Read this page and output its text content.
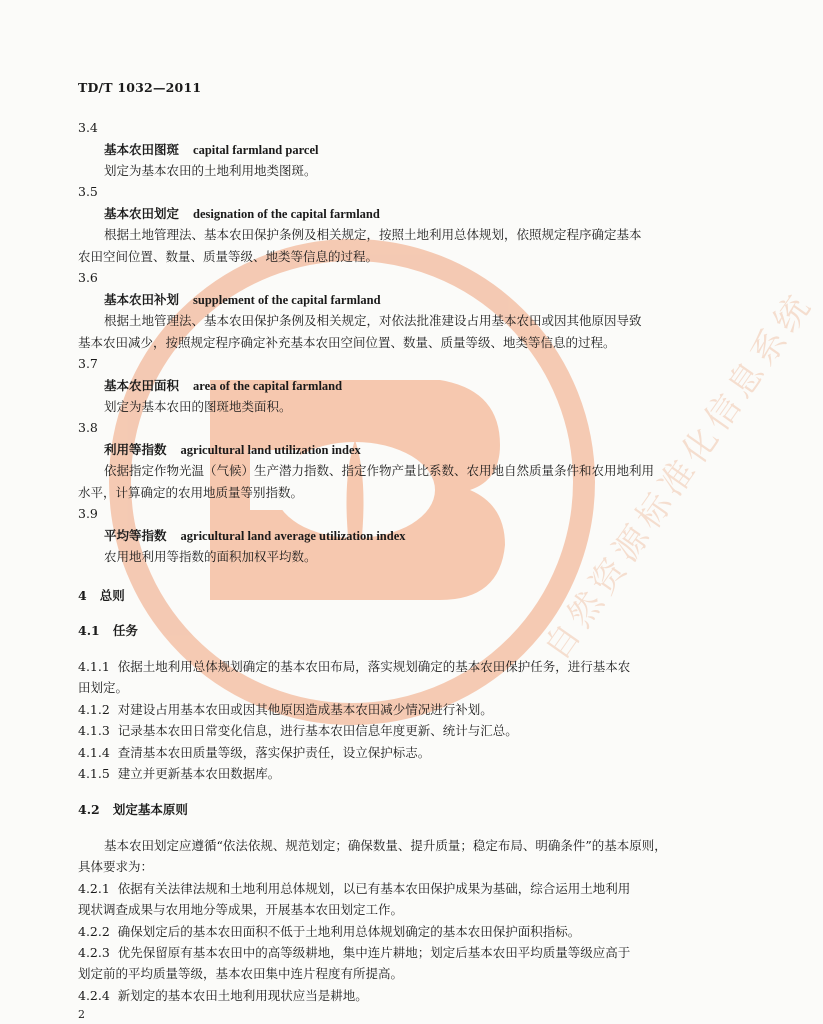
自然资源标准化信息系统
TD/T 1032—2011
3.4
基本农田图斑 capital farmland parcel
划定为基本农田的土地利用地类图斑。
3.5
基本农田划定 designation of the capital farmland
根据土地管理法、基本农田保护条例及相关规定，按照土地利用总体规划，依照规定程序确定基本
农田空间位置、数量、质量等级、地类等信息的过程。
3.6
基本农田补划 supplement of the capital farmland
根据土地管理法、基本农田保护条例及相关规定，对依法批准建设占用基本农田或因其他原因导致
基本农田减少，按照规定程序确定补充基本农田空间位置、数量、质量等级、地类等信息的过程。
3.7
基本农田面积 area of the capital farmland
划定为基本农田的图斑地类面积。
3.8
利用等指数 agricultural land utilization index
依据指定作物光温（气候）生产潜力指数、指定作物产量比系数、农用地自然质量条件和农用地利用
水平，计算确定的农用地质量等别指数。
3.9
平均等指数 agricultural land average utilization index
农用地利用等指数的面积加权平均数。
4 总则
4.1 任务
4.1.1 依据土地利用总体规划确定的基本农田布局，落实规划确定的基本农田保护任务，进行基本农
田划定。
4.1.2 对建设占用基本农田或因其他原因造成基本农田减少情况进行补划。
4.1.3 记录基本农田日常变化信息，进行基本农田信息年度更新、统计与汇总。
4.1.4 查清基本农田质量等级，落实保护责任，设立保护标志。
4.1.5 建立并更新基本农田数据库。
4.2 划定基本原则
基本农田划定应遵循“依法依规、规范划定；确保数量、提升质量；稳定布局、明确条件”的基本原则，
具体要求为：
4.2.1 依据有关法律法规和土地利用总体规划，以已有基本农田保护成果为基础，综合运用土地利用
现状调查成果与农用地分等成果，开展基本农田划定工作。
4.2.2 确保划定后的基本农田面积不低于土地利用总体规划确定的基本农田保护面积指标。
4.2.3 优先保留原有基本农田中的高等级耕地，集中连片耕地；划定后基本农田平均质量等级应高于
划定前的平均质量等级，基本农田集中连片程度有所提高。
4.2.4 新划定的基本农田土地利用现状应当是耕地。
2
